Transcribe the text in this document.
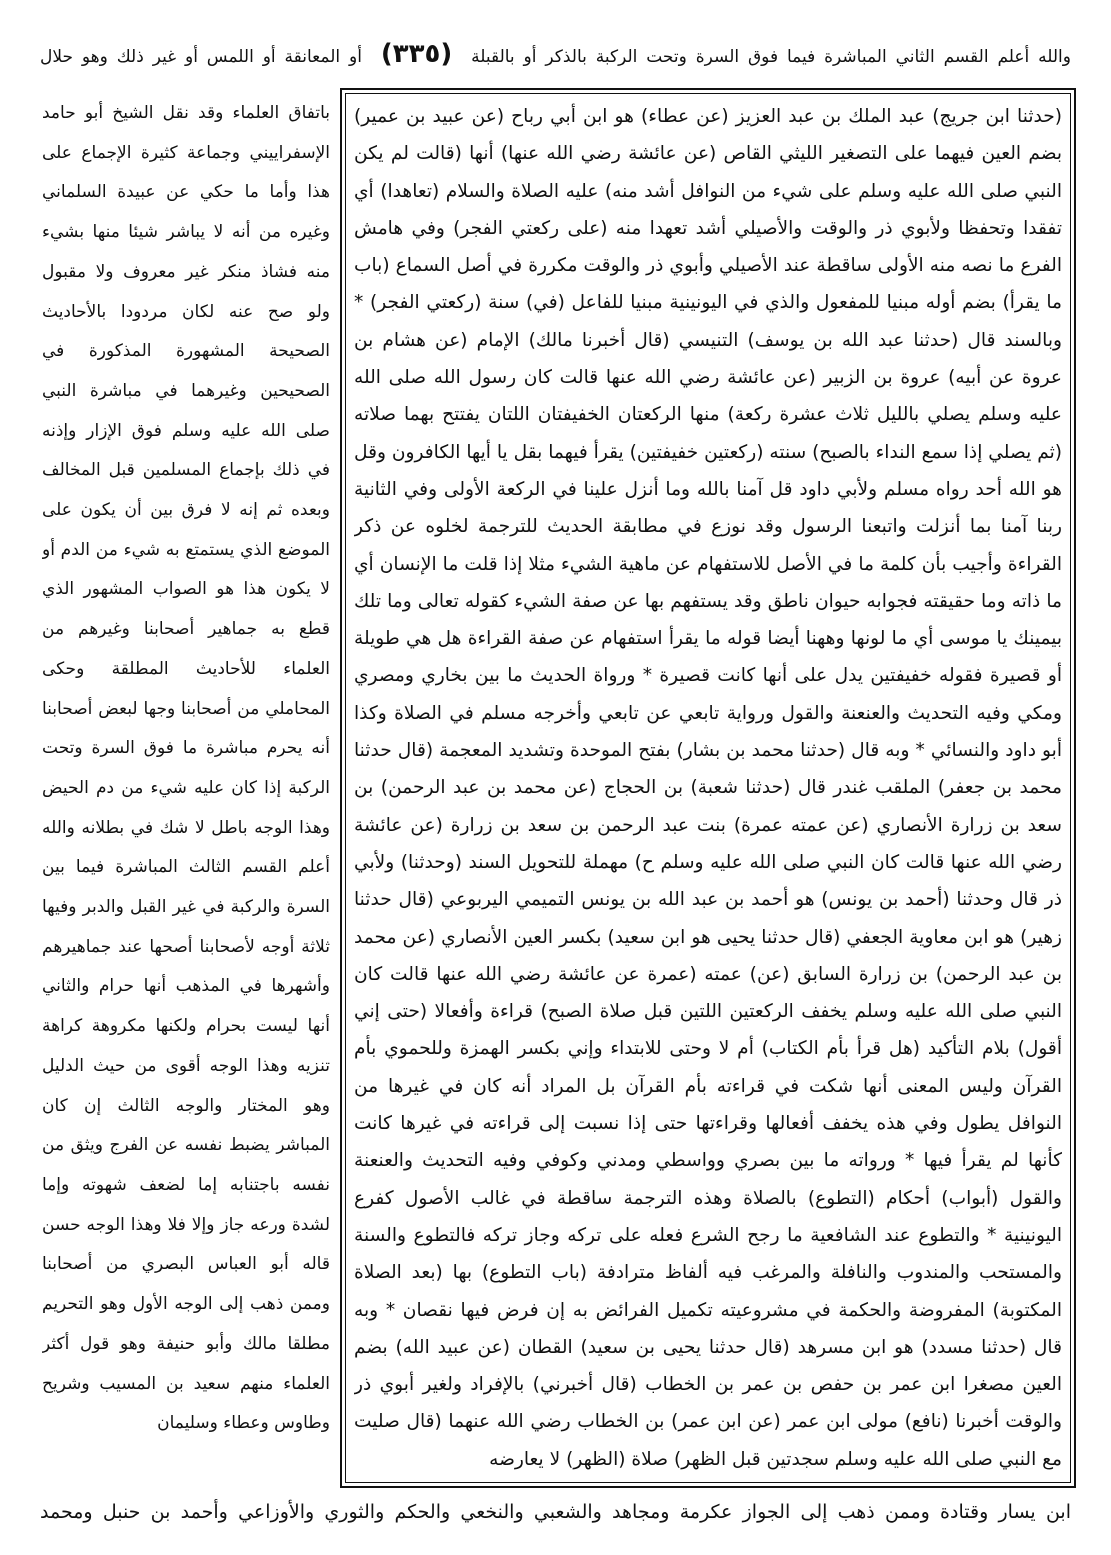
والله أعلم القسم الثاني المباشرة فيما فوق السرة وتحت الركبة بالذكر أو بالقبلة (٣٣٥) أو المعانقة أو اللمس أو غير ذلك وهو حلال
(حدثنا ابن جريج) عبد الملك بن عبد العزيز (عن عطاء) هو ابن أبي رباح (عن عبيد بن عمير) بضم العين فيهما على التصغير الليثي القاص (عن عائشة رضي الله عنها) أنها (قالت لم يكن النبي صلى الله عليه وسلم على شيء من النوافل أشد منه) عليه الصلاة والسلام (تعاهدا) أي تفقدا وتحفظا ولأبوي ذر والوقت والأصيلي أشد تعهدا منه (على ركعتي الفجر) وفي هامش الفرع ما نصه منه الأولى ساقطة عند الأصيلي وأبوي ذر والوقت مكررة في أصل السماع (باب ما يقرأ) بضم أوله مبنيا للمفعول والذي في اليونينية مبنيا للفاعل (في) سنة (ركعتي الفجر) * وبالسند قال (حدثنا عبد الله بن يوسف) التنيسي (قال أخبرنا مالك) الإمام (عن هشام بن عروة عن أبيه) عروة بن الزبير (عن عائشة رضي الله عنها قالت كان رسول الله صلى الله عليه وسلم يصلي بالليل ثلاث عشرة ركعة) منها الركعتان الخفيفتان اللتان يفتتح بهما صلاته (ثم يصلي إذا سمع النداء بالصبح) سنته (ركعتين خفيفتين) يقرأ فيهما بقل يا أيها الكافرون وقل هو الله أحد رواه مسلم ولأبي داود قل آمنا بالله وما أنزل علينا في الركعة الأولى وفي الثانية ربنا آمنا بما أنزلت واتبعنا الرسول وقد نوزع في مطابقة الحديث للترجمة لخلوه عن ذكر القراءة وأجيب بأن كلمة ما في الأصل للاستفهام عن ماهية الشيء مثلا إذا قلت ما الإنسان أي ما ذاته وما حقيقته فجوابه حيوان ناطق وقد يستفهم بها عن صفة الشيء كقوله تعالى وما تلك بيمينك يا موسى أي ما لونها وههنا أيضا قوله ما يقرأ استفهام عن صفة القراءة هل هي طويلة أو قصيرة فقوله خفيفتين يدل على أنها كانت قصيرة * ورواة الحديث ما بين بخاري ومصري ومكي وفيه التحديث والعنعنة والقول ورواية تابعي عن تابعي وأخرجه مسلم في الصلاة وكذا أبو داود والنسائي * وبه قال (حدثنا محمد بن بشار) بفتح الموحدة وتشديد المعجمة (قال حدثنا محمد بن جعفر) الملقب غندر قال (حدثنا شعبة) بن الحجاج (عن محمد بن عبد الرحمن) بن سعد بن زرارة الأنصاري (عن عمته عمرة) بنت عبد الرحمن بن سعد بن زرارة (عن عائشة رضي الله عنها قالت كان النبي صلى الله عليه وسلم ح) مهملة للتحويل السند (وحدثنا) ولأبي ذر قال وحدثنا (أحمد بن يونس) هو أحمد بن عبد الله بن يونس التميمي اليربوعي (قال حدثنا زهير) هو ابن معاوية الجعفي (قال حدثنا يحيى هو ابن سعيد) بكسر العين الأنصاري (عن محمد بن عبد الرحمن) بن زرارة السابق (عن) عمته (عمرة عن عائشة رضي الله عنها قالت كان النبي صلى الله عليه وسلم يخفف الركعتين اللتين قبل صلاة الصبح) قراءة وأفعالا (حتى إني أقول) بلام التأكيد (هل قرأ بأم الكتاب) أم لا وحتى للابتداء وإني بكسر الهمزة وللحموي بأم القرآن وليس المعنى أنها شكت في قراءته بأم القرآن بل المراد أنه كان في غيرها من النوافل يطول وفي هذه يخفف أفعالها وقراءتها حتى إذا نسبت إلى قراءته في غيرها كانت كأنها لم يقرأ فيها * ورواته ما بين بصري وواسطي ومدني وكوفي وفيه التحديث والعنعنة والقول (أبواب) أحكام (التطوع) بالصلاة وهذه الترجمة ساقطة في غالب الأصول كفرع اليونينية * والتطوع عند الشافعية ما رجح الشرع فعله على تركه وجاز تركه فالتطوع والسنة والمستحب والمندوب والنافلة والمرغب فيه ألفاظ مترادفة (باب التطوع) بها (بعد الصلاة المكتوبة) المفروضة والحكمة في مشروعيته تكميل الفرائض به إن فرض فيها نقصان * وبه قال (حدثنا مسدد) هو ابن مسرهد (قال حدثنا يحيى بن سعيد) القطان (عن عبيد الله) بضم العين مصغرا ابن عمر بن حفص بن عمر بن الخطاب (قال أخبرني) بالإفراد ولغير أبوي ذر والوقت أخبرنا (نافع) مولى ابن عمر (عن ابن عمر) بن الخطاب رضي الله عنهما (قال صليت مع النبي صلى الله عليه وسلم سجدتين قبل الظهر) صلاة (الظهر) لا يعارضه
باتفاق العلماء وقد نقل الشيخ أبو حامد الإسفراييني وجماعة كثيرة الإجماع على هذا وأما ما حكي عن عبيدة السلماني وغيره من أنه لا يباشر شيئا منها بشيء منه فشاذ منكر غير معروف ولا مقبول ولو صح عنه لكان مردودا بالأحاديث الصحيحة المشهورة المذكورة في الصحيحين وغيرهما في مباشرة النبي صلى الله عليه وسلم فوق الإزار وإذنه في ذلك بإجماع المسلمين قبل المخالف وبعده ثم إنه لا فرق بين أن يكون على الموضع الذي يستمتع به شيء من الدم أو لا يكون هذا هو الصواب المشهور الذي قطع به جماهير أصحابنا وغيرهم من العلماء للأحاديث المطلقة وحكى المحاملي من أصحابنا وجها لبعض أصحابنا أنه يحرم مباشرة ما فوق السرة وتحت الركبة إذا كان عليه شيء من دم الحيض وهذا الوجه باطل لا شك في بطلانه والله أعلم القسم الثالث المباشرة فيما بين السرة والركبة في غير القبل والدبر وفيها ثلاثة أوجه لأصحابنا أصحها عند جماهيرهم وأشهرها في المذهب أنها حرام والثاني أنها ليست بحرام ولكنها مكروهة كراهة تنزيه وهذا الوجه أقوى من حيث الدليل وهو المختار والوجه الثالث إن كان المباشر يضبط نفسه عن الفرج ويثق من نفسه باجتنابه إما لضعف شهوته وإما لشدة ورعه جاز وإلا فلا وهذا الوجه حسن قاله أبو العباس البصري من أصحابنا وممن ذهب إلى الوجه الأول وهو التحريم مطلقا مالك وأبو حنيفة وهو قول أكثر العلماء منهم سعيد بن المسيب وشريح وطاوس وعطاء وسليمان
ابن يسار وقتادة وممن ذهب إلى الجواز عكرمة ومجاهد والشعبي والنخعي والحكم والثوري والأوزاعي وأحمد بن حنبل ومحمد
